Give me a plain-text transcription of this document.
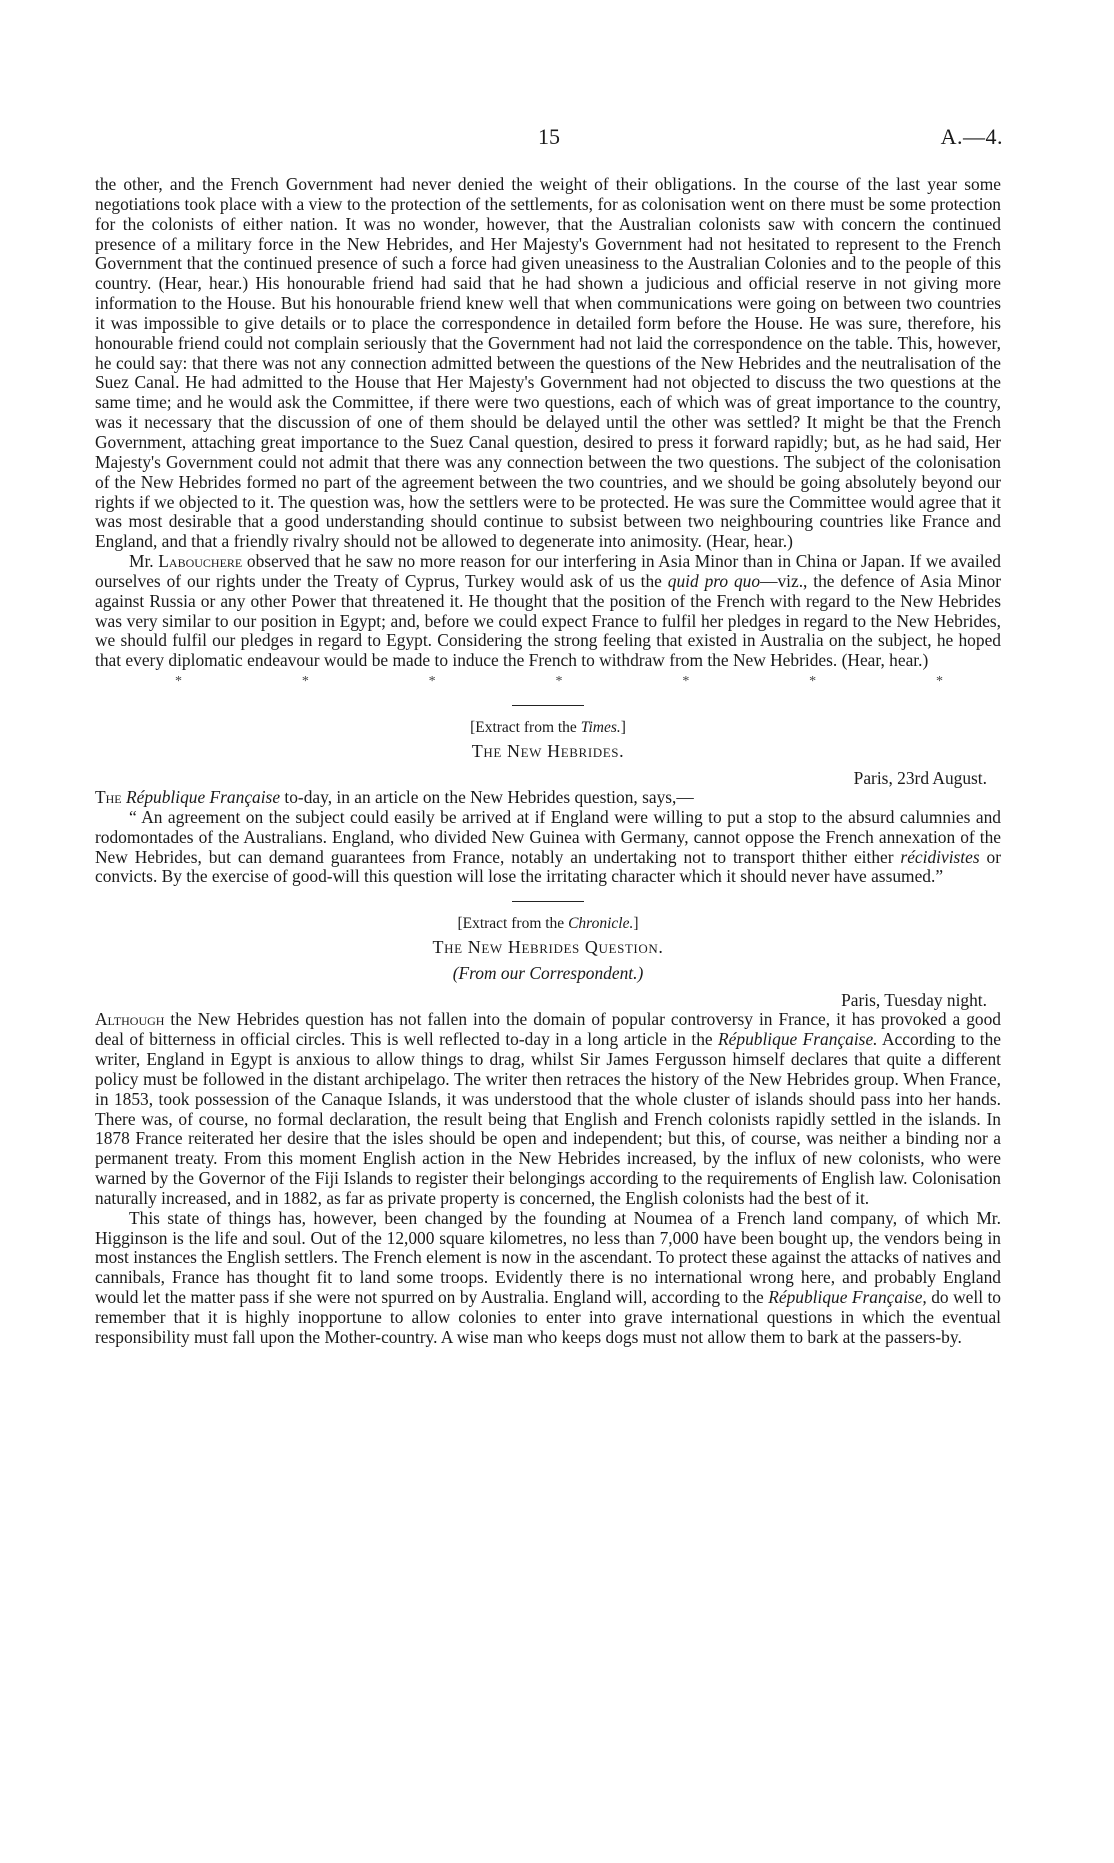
15	A.—4.

the other, and the French Government had never denied the weight of their obligations. In the course of the last year some negotiations took place with a view to the protection of the settlements, for as colonisation went on there must be some protection for the colonists of either nation. It was no wonder, however, that the Australian colonists saw with concern the continued presence of a military force in the New Hebrides, and Her Majesty's Government had not hesitated to represent to the French Government that the continued presence of such a force had given uneasiness to the Australian Colonies and to the people of this country. (Hear, hear.) His honourable friend had said that he had shown a judicious and official reserve in not giving more information to the House. But his honourable friend knew well that when communications were going on between two countries it was impossible to give details or to place the correspondence in detailed form before the House. He was sure, therefore, his honourable friend could not complain seriously that the Government had not laid the correspondence on the table. This, however, he could say: that there was not any connection admitted between the questions of the New Hebrides and the neutralisation of the Suez Canal. He had admitted to the House that Her Majesty's Government had not objected to discuss the two questions at the same time; and he would ask the Committee, if there were two questions, each of which was of great importance to the country, was it necessary that the discussion of one of them should be delayed until the other was settled? It might be that the French Government, attaching great importance to the Suez Canal question, desired to press it forward rapidly; but, as he had said, Her Majesty's Government could not admit that there was any connection between the two questions. The subject of the colonisation of the New Hebrides formed no part of the agreement between the two countries, and we should be going absolutely beyond our rights if we objected to it. The question was, how the settlers were to be protected. He was sure the Committee would agree that it was most desirable that a good understanding should continue to subsist between two neighbouring countries like France and England, and that a friendly rivalry should not be allowed to degenerate into animosity. (Hear, hear.)

Mr. Labouchere observed that he saw no more reason for our interfering in Asia Minor than in China or Japan. If we availed ourselves of our rights under the Treaty of Cyprus, Turkey would ask of us the quid pro quo—viz., the defence of Asia Minor against Russia or any other Power that threatened it. He thought that the position of the French with regard to the New Hebrides was very similar to our position in Egypt; and, before we could expect France to fulfil her pledges in regard to the New Hebrides, we should fulfil our pledges in regard to Egypt. Considering the strong feeling that existed in Australia on the subject, he hoped that every diplomatic endeavour would be made to induce the French to withdraw from the New Hebrides. (Hear, hear.)

*	*	*	*	*	*	*
[Extract from the Times.]
The New Hebrides.
Paris, 23rd August.

The République Française to-day, in an article on the New Hebrides question, says,—

“ An agreement on the subject could easily be arrived at if England were willing to put a stop to the absurd calumnies and rodomontades of the Australians. England, who divided New Guinea with Germany, cannot oppose the French annexation of the New Hebrides, but can demand guarantees from France, notably an undertaking not to transport thither either récidivistes or convicts. By the exercise of good-will this question will lose the irritating character which it should never have assumed.”

[Extract from the Chronicle.]
The New Hebrides Question.
(From our Correspondent.)
Paris, Tuesday night.

Although the New Hebrides question has not fallen into the domain of popular controversy in France, it has provoked a good deal of bitterness in official circles. This is well reflected to-day in a long article in the République Française. According to the writer, England in Egypt is anxious to allow things to drag, whilst Sir James Fergusson himself declares that quite a different policy must be followed in the distant archipelago. The writer then retraces the history of the New Hebrides group. When France, in 1853, took possession of the Canaque Islands, it was understood that the whole cluster of islands should pass into her hands. There was, of course, no formal declaration, the result being that English and French colonists rapidly settled in the islands. In 1878 France reiterated her desire that the isles should be open and independent; but this, of course, was neither a binding nor a permanent treaty. From this moment English action in the New Hebrides increased, by the influx of new colonists, who were warned by the Governor of the Fiji Islands to register their belongings according to the requirements of English law. Colonisation naturally increased, and in 1882, as far as private property is concerned, the English colonists had the best of it.

This state of things has, however, been changed by the founding at Noumea of a French land company, of which Mr. Higginson is the life and soul. Out of the 12,000 square kilometres, no less than 7,000 have been bought up, the vendors being in most instances the English settlers. The French element is now in the ascendant. To protect these against the attacks of natives and cannibals, France has thought fit to land some troops. Evidently there is no international wrong here, and probably England would let the matter pass if she were not spurred on by Australia. England will, according to the République Française, do well to remember that it is highly inopportune to allow colonies to enter into grave international questions in which the eventual responsibility must fall upon the Mother-country. A wise man who keeps dogs must not allow them to bark at the passers-by.
